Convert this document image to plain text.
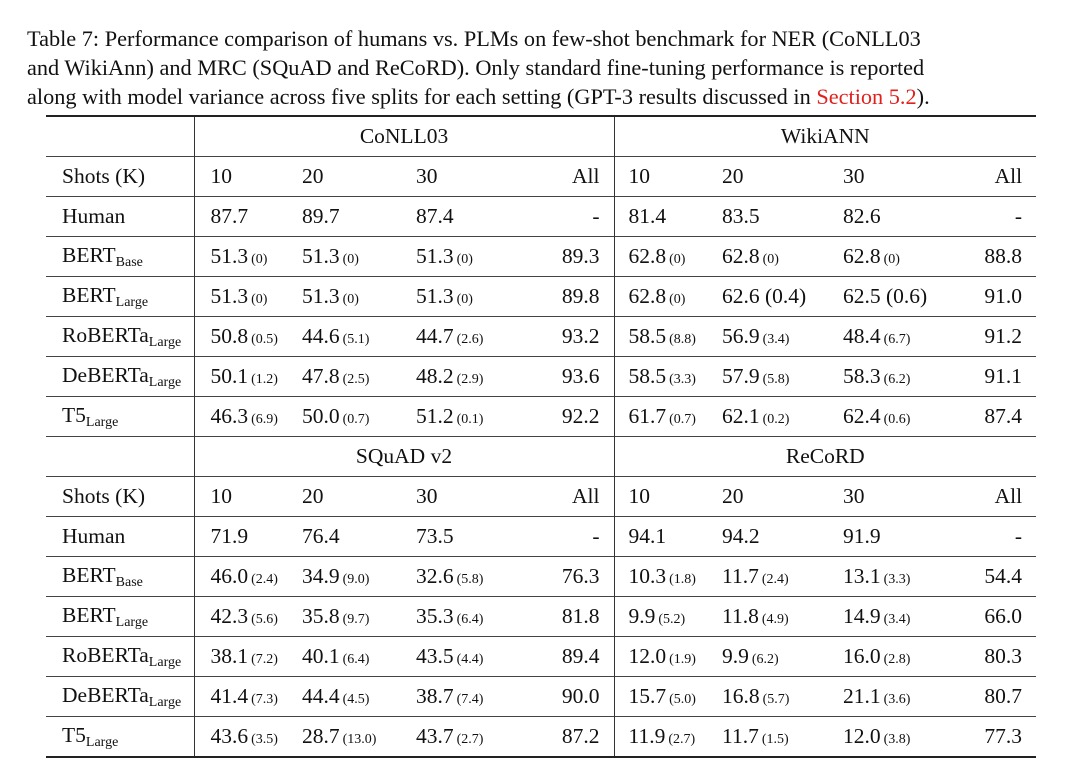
Table 7: Performance comparison of humans vs. PLMs on few-shot benchmark for NER (CoNLL03
and WikiAnn) and MRC (SQuAD and ReCoRD). Only standard fine-tuning performance is reported
along with model variance across five splits for each setting (GPT-3 results discussed in Section 5.2).
	CoNLL03				WikiANN			
Shots (K)	10	20	30	All	10	20	30	All
Human	87.7	89.7	87.4	-	81.4	83.5	82.6	-
$BERT_{Base}$	51.3 (0)	51.3 (0)	51.3 (0)	89.3	62.8 (0)	62.8 (0)	62.8 (0)	88.8
$BERT_{Large}$	51.3 (0)	51.3 (0)	51.3 (0)	89.8	62.8 (0)	62.6 (0.4)	62.5 (0.6)	91.0
RoBERTa$_{Large}$	50.8 (0.5)	44.6 (5.1)	44.7 (2.6)	93.2	58.5 (8.8)	56.9 (3.4)	48.4 (6.7)	91.2
DeBERTa$_{Large}$	50.1 (1.2)	47.8 (2.5)	48.2 (2.9)	93.6	58.5 (3.3)	57.9 (5.8)	58.3 (6.2)	91.1
$T5_{Large}$	46.3 (6.9)	50.0 (0.7)	51.2 (0.1)	92.2	61.7 (0.7)	62.1 (0.2)	62.4 (0.6)	87.4
	SQuAD v2				ReCoRD			
Shots (K)	10	20	30	All	10	20	30	All
Human	71.9	76.4	73.5	-	94.1	94.2	91.9	-
$BERT_{Base}$	46.0 (2.4)	34.9 (9.0)	32.6 (5.8)	76.3	10.3 (1.8)	11.7 (2.4)	13.1 (3.3)	54.4
$BERT_{Large}$	42.3 (5.6)	35.8 (9.7)	35.3 (6.4)	81.8	9.9 (5.2)	11.8 (4.9)	14.9 (3.4)	66.0
RoBERTa$_{Large}$	38.1 (7.2)	40.1 (6.4)	43.5 (4.4)	89.4	12.0 (1.9)	9.9 (6.2)	16.0 (2.8)	80.3
DeBERTa$_{Large}$	41.4 (7.3)	44.4 (4.5)	38.7 (7.4)	90.0	15.7 (5.0)	16.8 (5.7)	21.1 (3.6)	80.7
$T5_{Large}$	43.6 (3.5)	28.7 (13.0)	43.7 (2.7)	87.2	11.9 (2.7)	11.7 (1.5)	12.0 (3.8)	77.3
